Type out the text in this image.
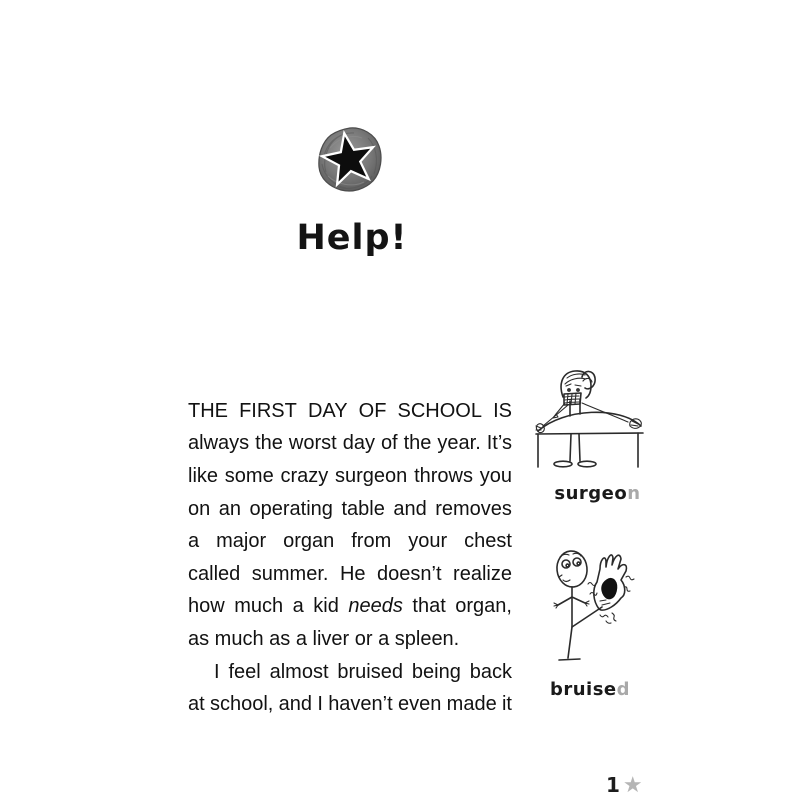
Help!
THE FIRST DAY OF SCHOOL IS
always the worst day of the year. It’s
like some crazy surgeon throws you
on an operating table and removes
a major organ from your chest
called summer. He doesn’t realize
how much a kid needs that organ,
as much as a liver or a spleen.
I feel almost bruised being back
at school, and I haven’t even made it
surgeon
bruised
1 ★
